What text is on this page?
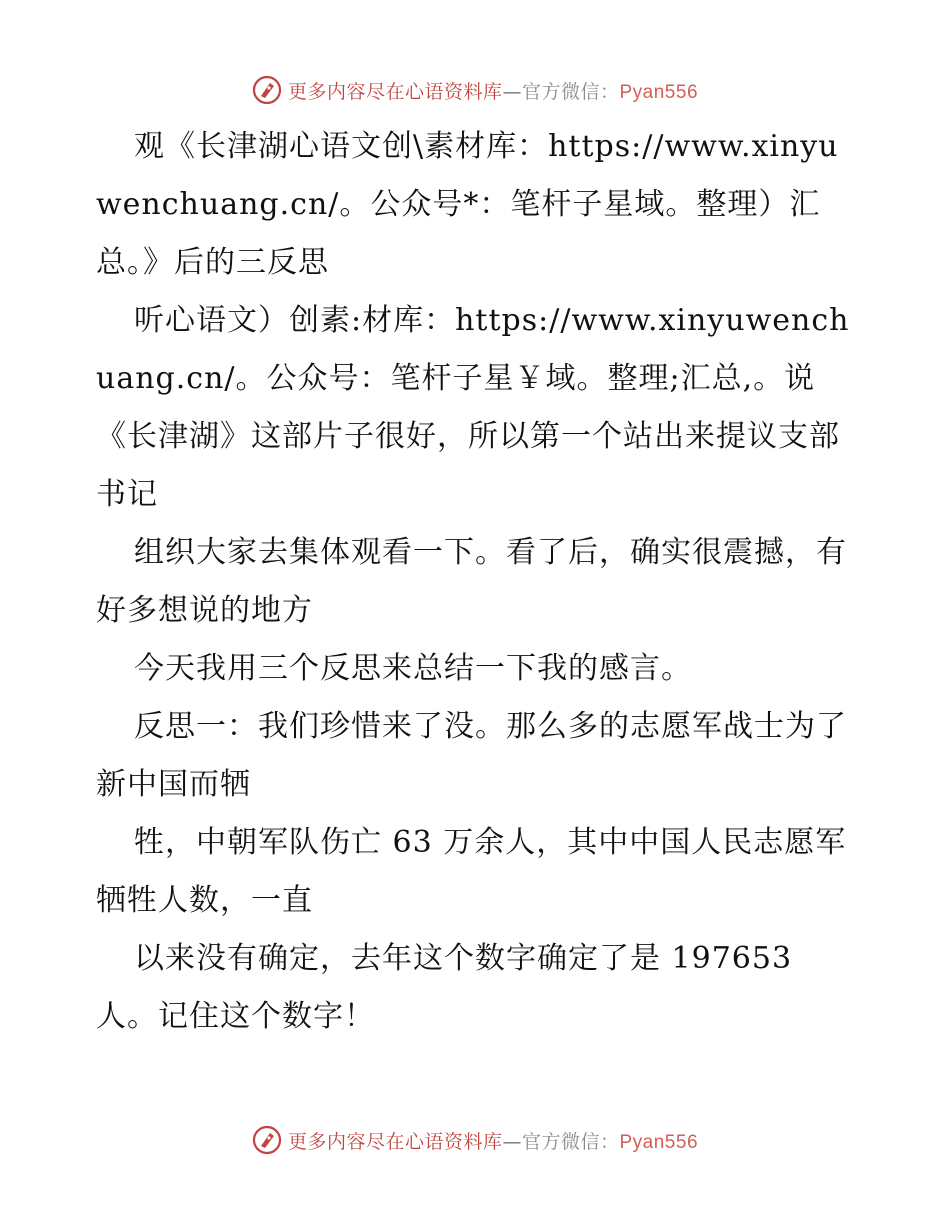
更多内容尽在心语资料库—官方微信：Pyan556

观《长津湖心语文创\素材库：https://www.xinyuwenchuang.cn/。公众号*：笔杆子星域。整理）汇总。》后的三反思

听心语文）创素:材库：https://www.xinyuwenchuang.cn/。公众号：笔杆子星￥域。整理;汇总,。说《长津湖》这部片子很好，所以第一个站出来提议支部书记

组织大家去集体观看一下。看了后，确实很震撼，有好多想说的地方

今天我用三个反思来总结一下我的感言。

反思一：我们珍惜来了没。那么多的志愿军战士为了新中国而牺

牲，中朝军队伤亡 63 万余人，其中中国人民志愿军牺牲人数，一直

以来没有确定，去年这个数字确定了是 197653 人。记住这个数字！

更多内容尽在心语资料库—官方微信：Pyan556
